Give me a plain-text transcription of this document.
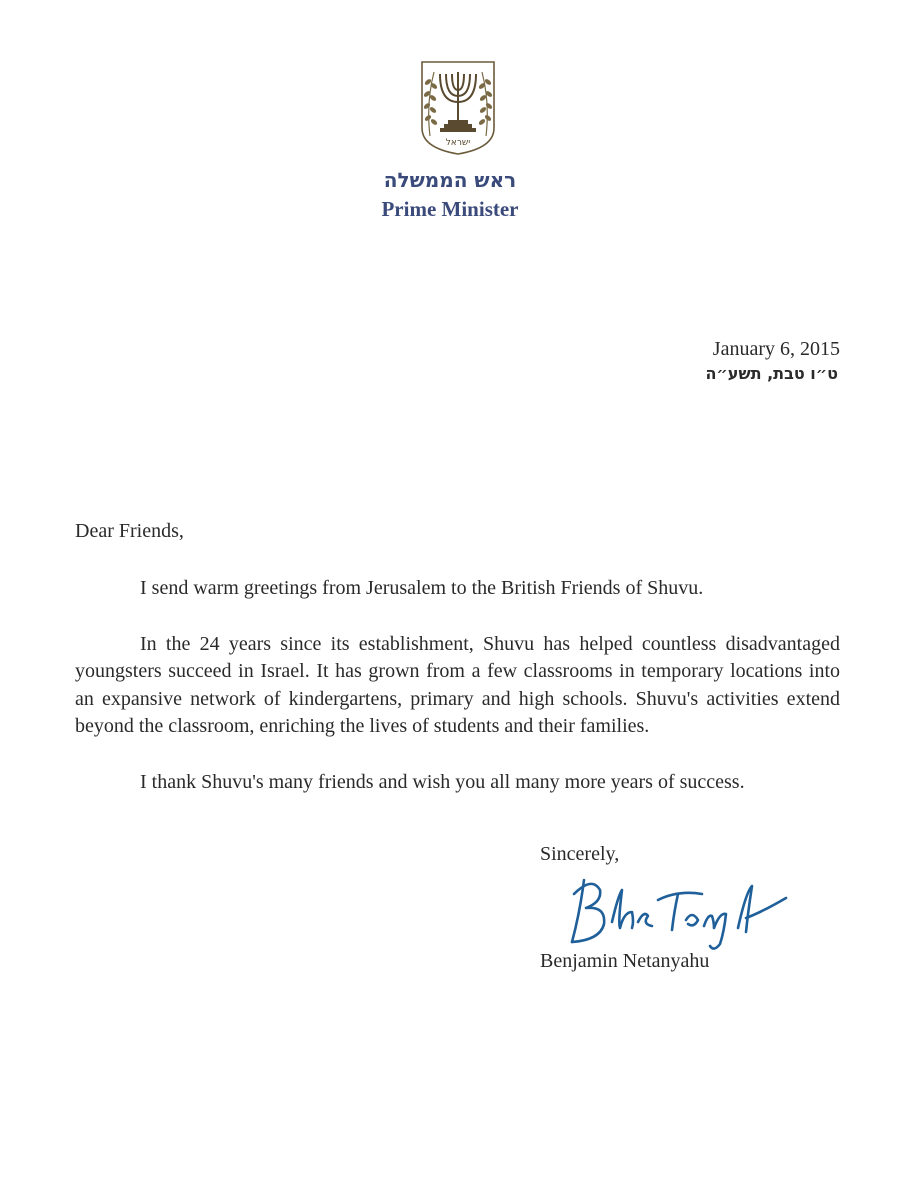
ישראל
ראש הממשלה
Prime Minister
January 6, 2015
ט״ו טבת, תשע״ה
Dear Friends,

I send warm greetings from Jerusalem to the British Friends of Shuvu.

In the 24 years since its establishment, Shuvu has helped countless disadvantaged youngsters succeed in Israel. It has grown from a few classrooms in temporary locations into an expansive network of kindergartens, primary and high schools. Shuvu's activities extend beyond the classroom, enriching the lives of students and their families.

I thank Shuvu's many friends and wish you all many more years of success.

Sincerely,
Benjamin Netanyahu
